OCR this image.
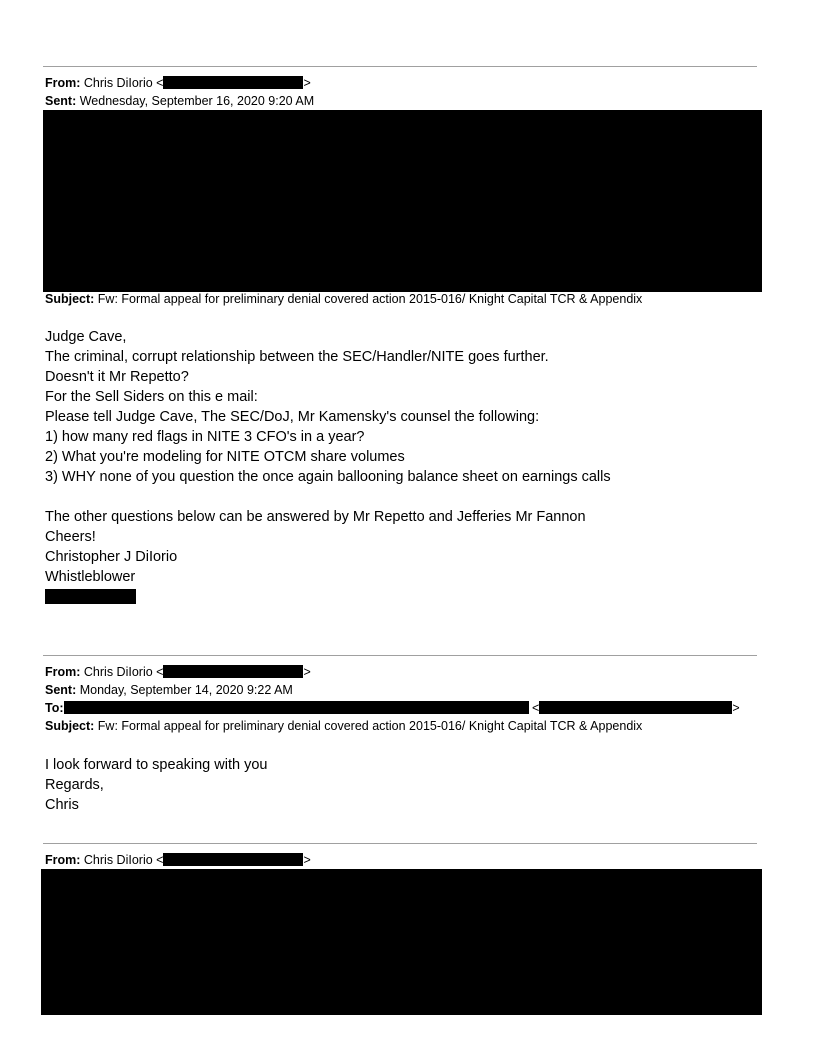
From: Chris DiIorio <	>
Sent: Wednesday, September 16, 2020 9:20 AM
Subject: Fw: Formal appeal for preliminary denial covered action 2015-016/ Knight Capital TCR & Appendix

Judge Cave,

The criminal, corrupt relationship between the SEC/Handler/NITE goes further.

Doesn't it Mr Repetto?

For the Sell Siders on this e mail:

Please tell Judge Cave, The SEC/DoJ, Mr Kamensky's counsel the following:

1) how many red flags in NITE 3 CFO's in a year?

2) What you're modeling for NITE OTCM share volumes

3) WHY none of you question the once again ballooning balance sheet on earnings calls

The other questions below can be answered by Mr Repetto and Jefferies Mr Fannon

Cheers!

Christopher J DiIorio

Whistleblower

From: Chris DiIorio <	>
Sent: Monday, September 14, 2020 9:22 AM
To:	<	>
Subject: Fw: Formal appeal for preliminary denial covered action 2015-016/ Knight Capital TCR & Appendix

I look forward to speaking with you

Regards,

Chris

From: Chris DiIorio <	>
